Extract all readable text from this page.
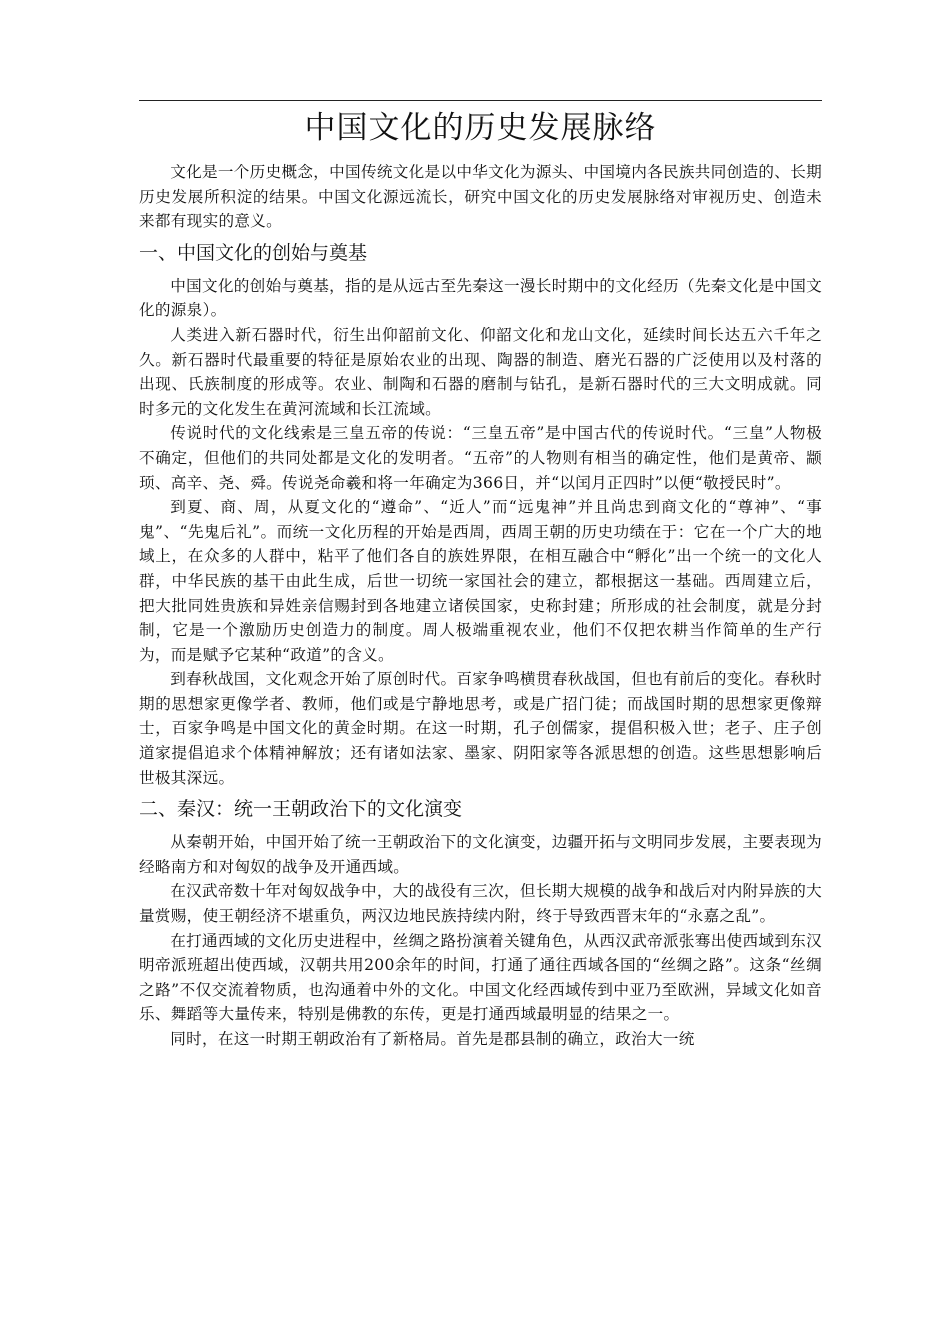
中国文化的历史发展脉络

文化是一个历史概念，中国传统文化是以中华文化为源头、中国境内各民族共同创造的、长期历史发展所积淀的结果。中国文化源远流长，研究中国文化的历史发展脉络对审视历史、创造未来都有现实的意义。

一、中国文化的创始与奠基

中国文化的创始与奠基，指的是从远古至先秦这一漫长时期中的文化经历（先秦文化是中国文化的源泉）。

人类进入新石器时代，衍生出仰韶前文化、仰韶文化和龙山文化，延续时间长达五六千年之久。新石器时代最重要的特征是原始农业的出现、陶器的制造、磨光石器的广泛使用以及村落的出现、氏族制度的形成等。农业、制陶和石器的磨制与钻孔，是新石器时代的三大文明成就。同时多元的文化发生在黄河流域和长江流域。

传说时代的文化线索是三皇五帝的传说：“三皇五帝”是中国古代的传说时代。“三皇”人物极不确定，但他们的共同处都是文化的发明者。“五帝”的人物则有相当的确定性，他们是黄帝、颛顼、高辛、尧、舜。传说尧命羲和将一年确定为366日，并“以闰月正四时”以便“敬授民时”。

到夏、商、周，从夏文化的“遵命”、“近人”而“远鬼神”并且尚忠到商文化的“尊神”、“事鬼”、“先鬼后礼”。而统一文化历程的开始是西周，西周王朝的历史功绩在于：它在一个广大的地域上，在众多的人群中，粘平了他们各自的族姓界限，在相互融合中“孵化”出一个统一的文化人群，中华民族的基干由此生成，后世一切统一家国社会的建立，都根据这一基础。西周建立后，把大批同姓贵族和异姓亲信赐封到各地建立诸侯国家，史称封建；所形成的社会制度，就是分封制，它是一个激励历史创造力的制度。周人极端重视农业，他们不仅把农耕当作简单的生产行为，而是赋予它某种“政道”的含义。

到春秋战国，文化观念开始了原创时代。百家争鸣横贯春秋战国，但也有前后的变化。春秋时期的思想家更像学者、教师，他们或是宁静地思考，或是广招门徒；而战国时期的思想家更像辩士，百家争鸣是中国文化的黄金时期。在这一时期，孔子创儒家，提倡积极入世；老子、庄子创道家提倡追求个体精神解放；还有诸如法家、墨家、阴阳家等各派思想的创造。这些思想影响后世极其深远。

二、秦汉：统一王朝政治下的文化演变

从秦朝开始，中国开始了统一王朝政治下的文化演变，边疆开拓与文明同步发展，主要表现为经略南方和对匈奴的战争及开通西域。

在汉武帝数十年对匈奴战争中，大的战役有三次，但长期大规模的战争和战后对内附异族的大量赏赐，使王朝经济不堪重负，两汉边地民族持续内附，终于导致西晋末年的“永嘉之乱”。

在打通西域的文化历史进程中，丝绸之路扮演着关键角色，从西汉武帝派张骞出使西域到东汉明帝派班超出使西域，汉朝共用200余年的时间，打通了通往西域各国的“丝绸之路”。这条“丝绸之路”不仅交流着物质，也沟通着中外的文化。中国文化经西域传到中亚乃至欧洲，异域文化如音乐、舞蹈等大量传来，特别是佛教的东传，更是打通西域最明显的结果之一。

同时，在这一时期王朝政治有了新格局。首先是郡县制的确立，政治大一统
